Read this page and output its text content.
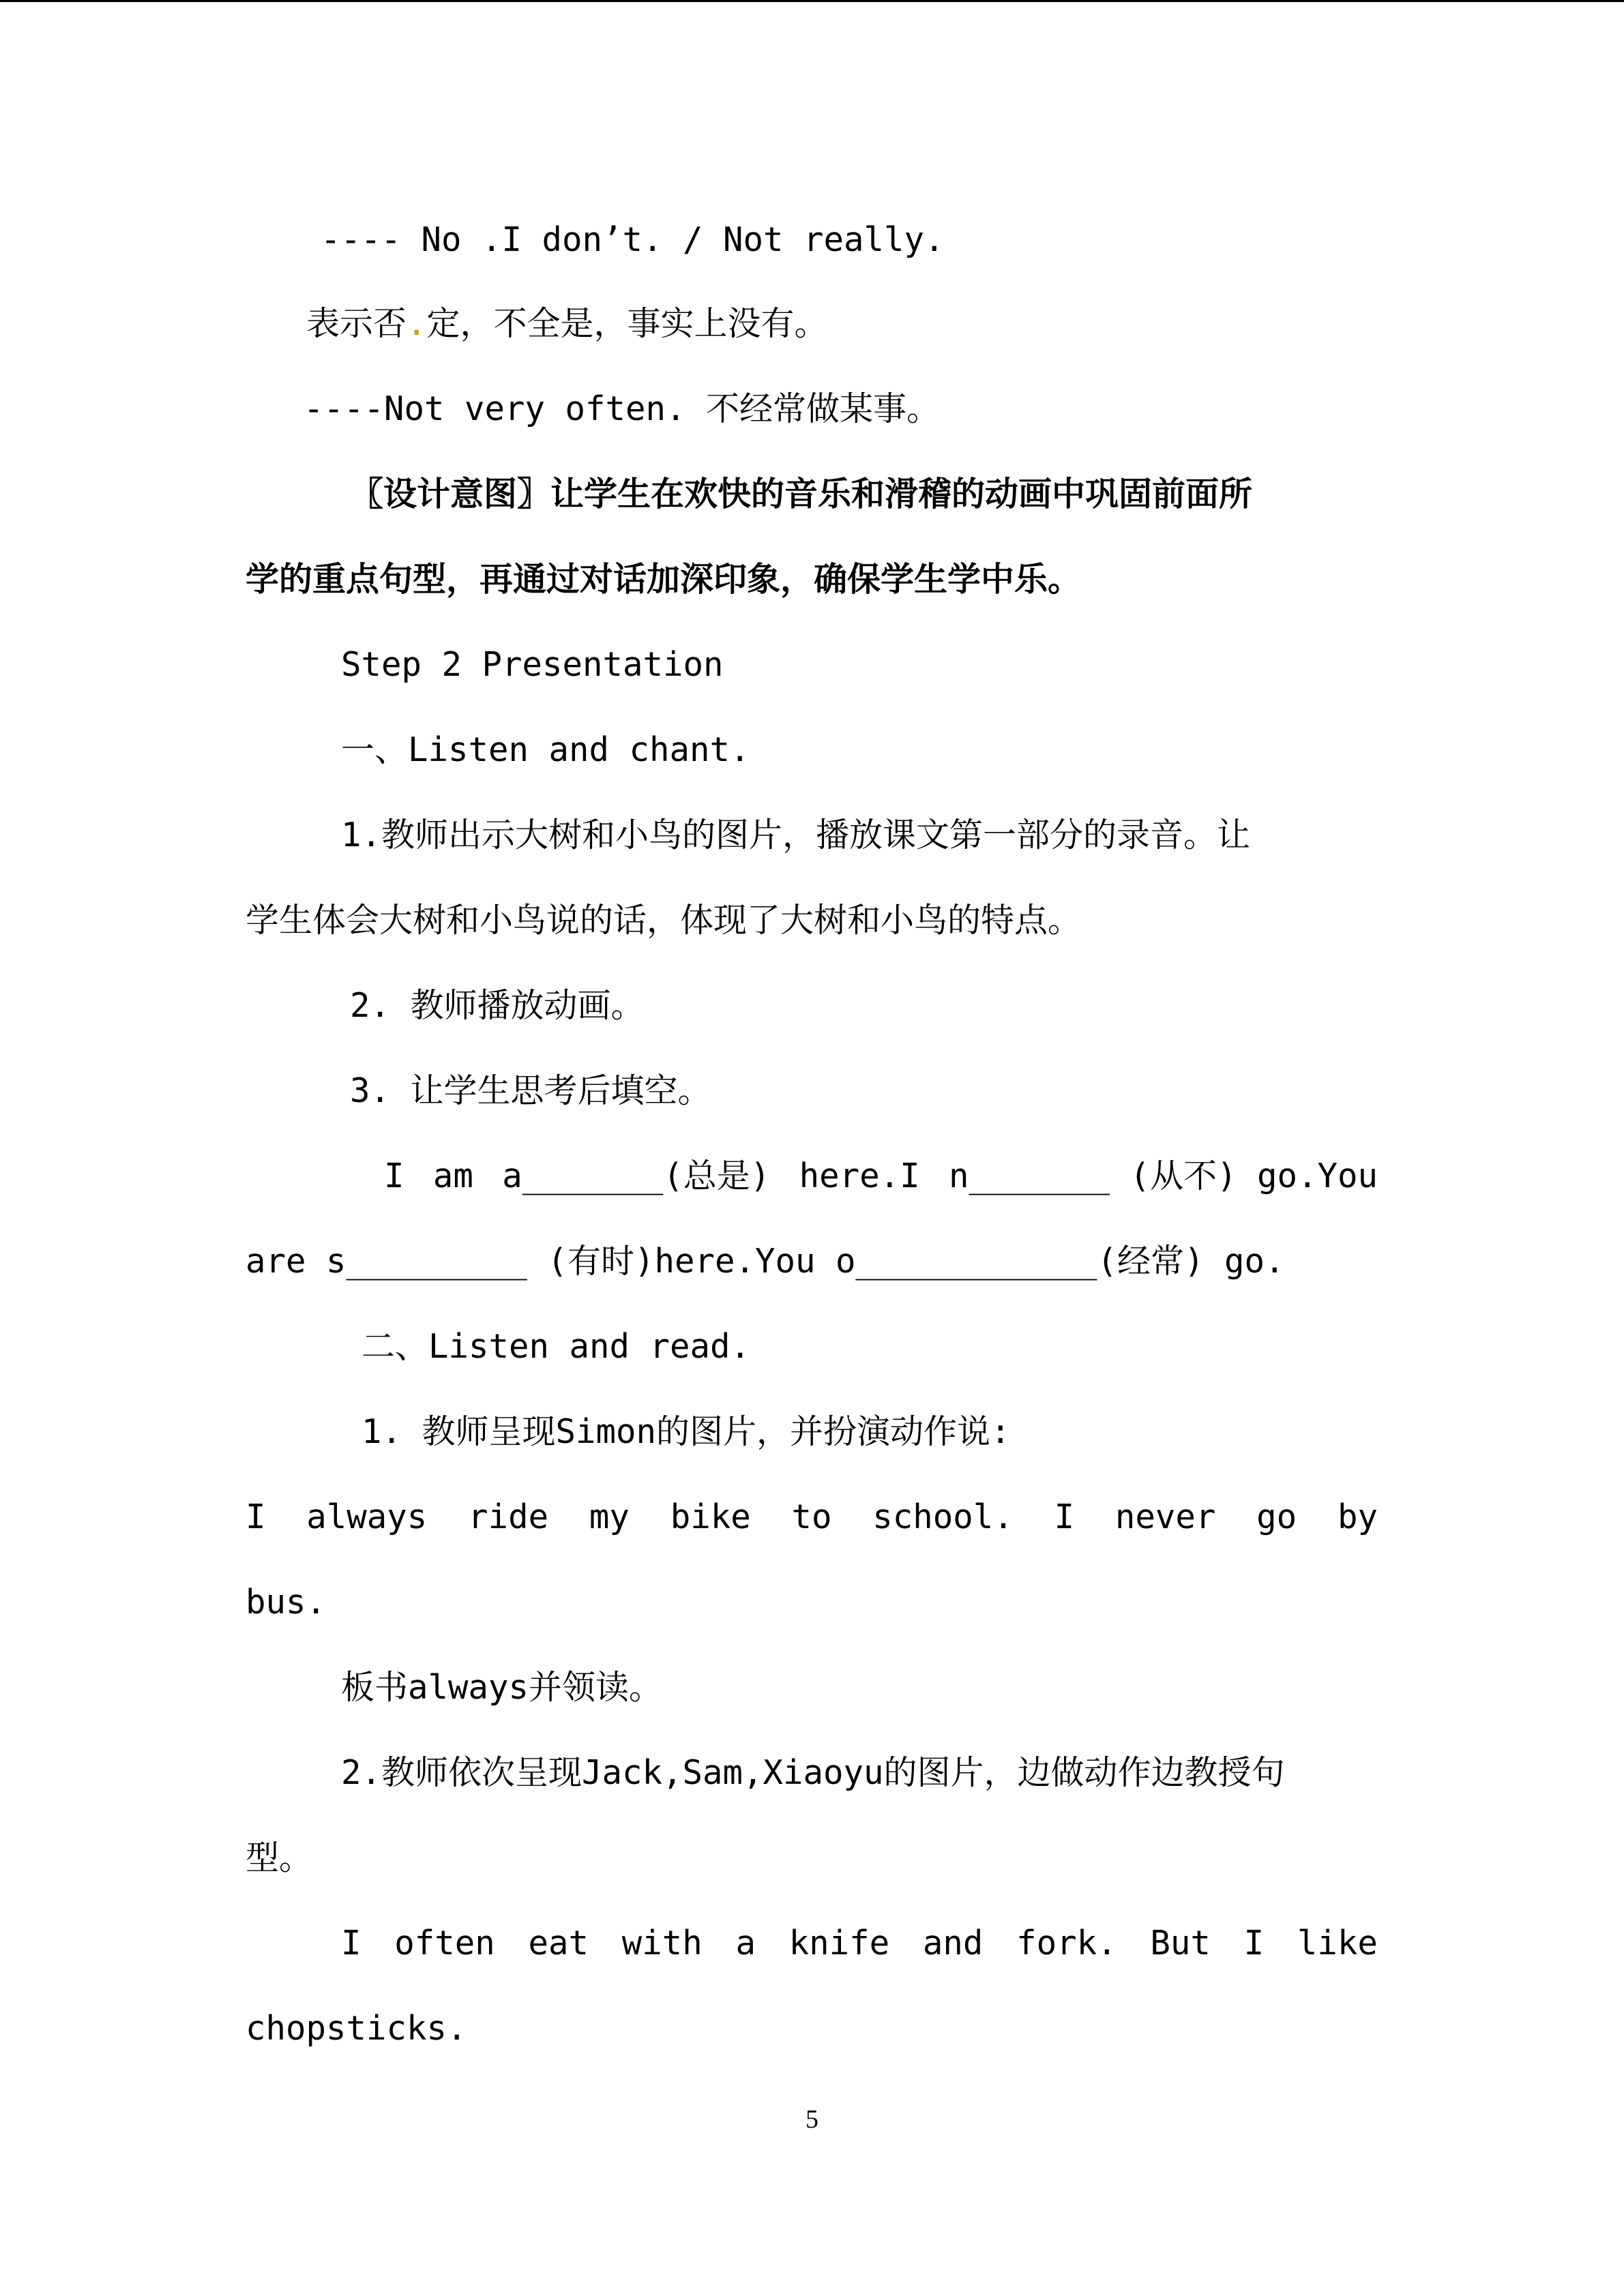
---- No .I don’t. / Not really.

表示否.定，不全是，事实上没有。

----Not very often. 不经常做某事。

〖设计意图〗让学生在欢快的音乐和滑稽的动画中巩固前面所

学的重点句型，再通过对话加深印象，确保学生学中乐。

Step 2 Presentation

一、Listen and chant.

1.教师出示大树和小鸟的图片，播放课文第一部分的录音。让

学生体会大树和小鸟说的话，体现了大树和小鸟的特点。

2. 教师播放动画。

3. 让学生思考后填空。

I am a_______(总是) here.I n_______ (从不) go.You

are s_________ (有时)here.You o____________(经常) go.

二、Listen and read.

1. 教师呈现Simon的图片，并扮演动作说:

I always ride my bike to school. I never go by

bus.

板书always并领读。

2.教师依次呈现Jack,Sam,Xiaoyu的图片，边做动作边教授句

型。

I often eat with a knife and fork. But I like

chopsticks.

5
